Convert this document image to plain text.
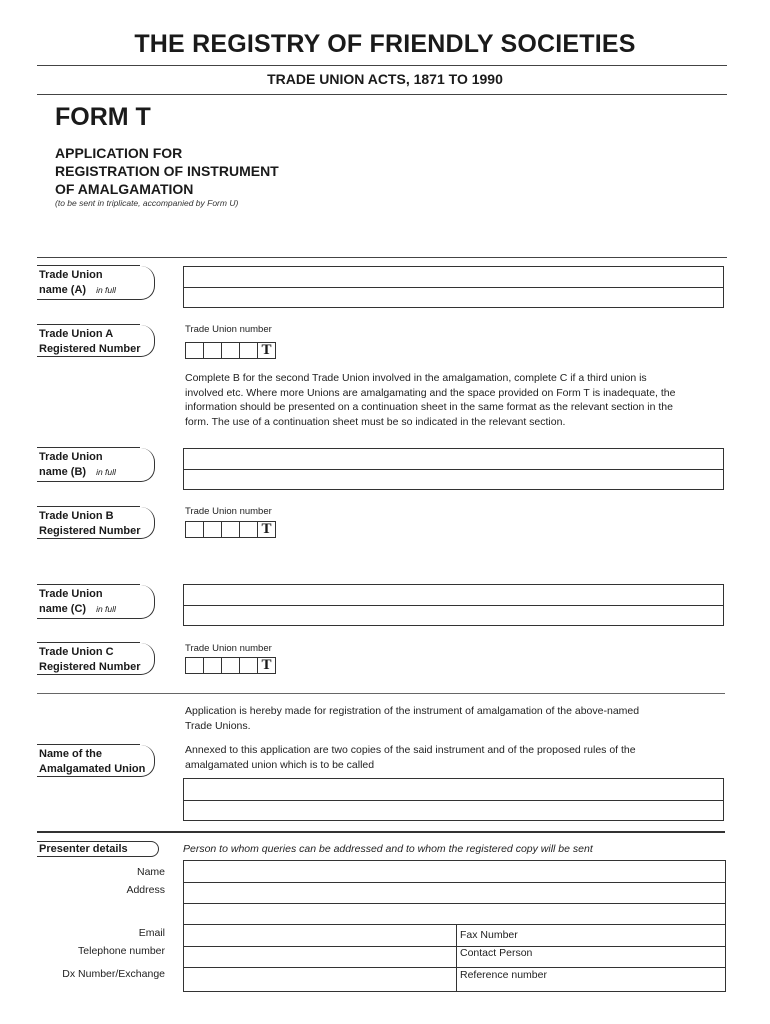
THE REGISTRY OF FRIENDLY SOCIETIES
TRADE UNION ACTS, 1871 TO 1990
FORM T
APPLICATION FOR
REGISTRATION OF INSTRUMENT
OF AMALGAMATION
(to be sent in triplicate, accompanied by Form U)
Trade Union
name (A) in full
Trade Union A
Registered Number
Trade Union number
T
Complete B for the second Trade Union involved in the amalgamation, complete C if a third union is
involved etc. Where more Unions are amalgamating and the space provided on Form T is inadequate, the
information should be presented on a continuation sheet in the same format as the relevant section in the
form. The use of a continuation sheet must be so indicated in the relevant section.
Trade Union
name (B) in full
Trade Union B
Registered Number
Trade Union number
T
Trade Union
name (C) in full
Trade Union C
Registered Number
Trade Union number
T
Application is hereby made for registration of the instrument of amalgamation of the above-named
Trade Unions.
Annexed to this application are two copies of the said instrument and of the proposed rules of the
amalgamated union which is to be called
Name of the
Amalgamated Union
Presenter details	Person to whom queries can be addressed and to whom the registered copy will be sent
Name
Address
Email
Telephone number
Dx Number/Exchange
Fax Number
Contact Person
Reference number
